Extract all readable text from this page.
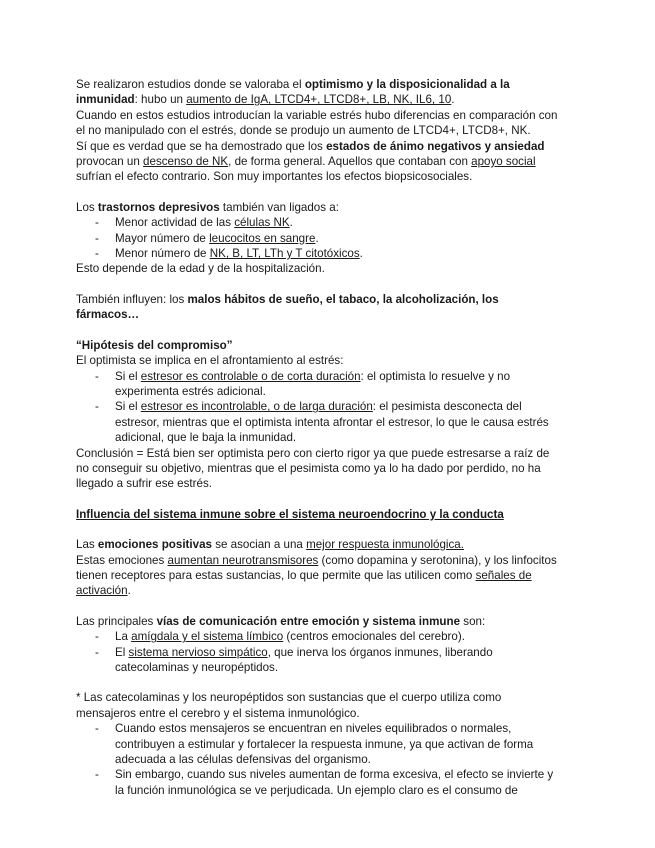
Se realizaron estudios donde se valoraba el optimismo y la disposicionalidad a la inmunidad: hubo un aumento de IgA, LTCD4+, LTCD8+, LB, NK, IL6, 10.

Cuando en estos estudios introducían la variable estrés hubo diferencias en comparación con el no manipulado con el estrés, donde se produjo un aumento de LTCD4+, LTCD8+, NK.

Sí que es verdad que se ha demostrado que los estados de ánimo negativos y ansiedad provocan un descenso de NK, de forma general. Aquellos que contaban con apoyo social sufrían el efecto contrario. Son muy importantes los efectos biopsicosociales.

Los trastornos depresivos también van ligados a:

- Menor actividad de las células NK.
- Mayor número de leucocitos en sangre.
- Menor número de NK, B, LT, LTh y T citotóxicos.

Esto depende de la edad y de la hospitalización.

También influyen: los malos hábitos de sueño, el tabaco, la alcoholización, los fármacos…

“Hipótesis del compromiso”

El optimista se implica en el afrontamiento al estrés:

- Si el estresor es controlable o de corta duración: el optimista lo resuelve y no experimenta estrés adicional.
- Si el estresor es incontrolable, o de larga duración: el pesimista desconecta del estresor, mientras que el optimista intenta afrontar el estresor, lo que le causa estrés adicional, que le baja la inmunidad.

Conclusión = Está bien ser optimista pero con cierto rigor ya que puede estresarse a raíz de no conseguir su objetivo, mientras que el pesimista como ya lo ha dado por perdido, no ha llegado a sufrir ese estrés.

Influencia del sistema inmune sobre el sistema neuroendocrino y la conducta

Las emociones positivas se asocian a una mejor respuesta inmunológica.

Estas emociones aumentan neurotransmisores (como dopamina y serotonina), y los linfocitos tienen receptores para estas sustancias, lo que permite que las utilicen como señales de activación.

Las principales vías de comunicación entre emoción y sistema inmune son:

- La amígdala y el sistema límbico (centros emocionales del cerebro).
- El sistema nervioso simpático, que inerva los órganos inmunes, liberando catecolaminas y neuropéptidos.

* Las catecolaminas y los neuropéptidos son sustancias que el cuerpo utiliza como mensajeros entre el cerebro y el sistema inmunológico.

- Cuando estos mensajeros se encuentran en niveles equilibrados o normales, contribuyen a estimular y fortalecer la respuesta inmune, ya que activan de forma adecuada a las células defensivas del organismo.
- Sin embargo, cuando sus niveles aumentan de forma excesiva, el efecto se invierte y la función inmunológica se ve perjudicada. Un ejemplo claro es el consumo de
